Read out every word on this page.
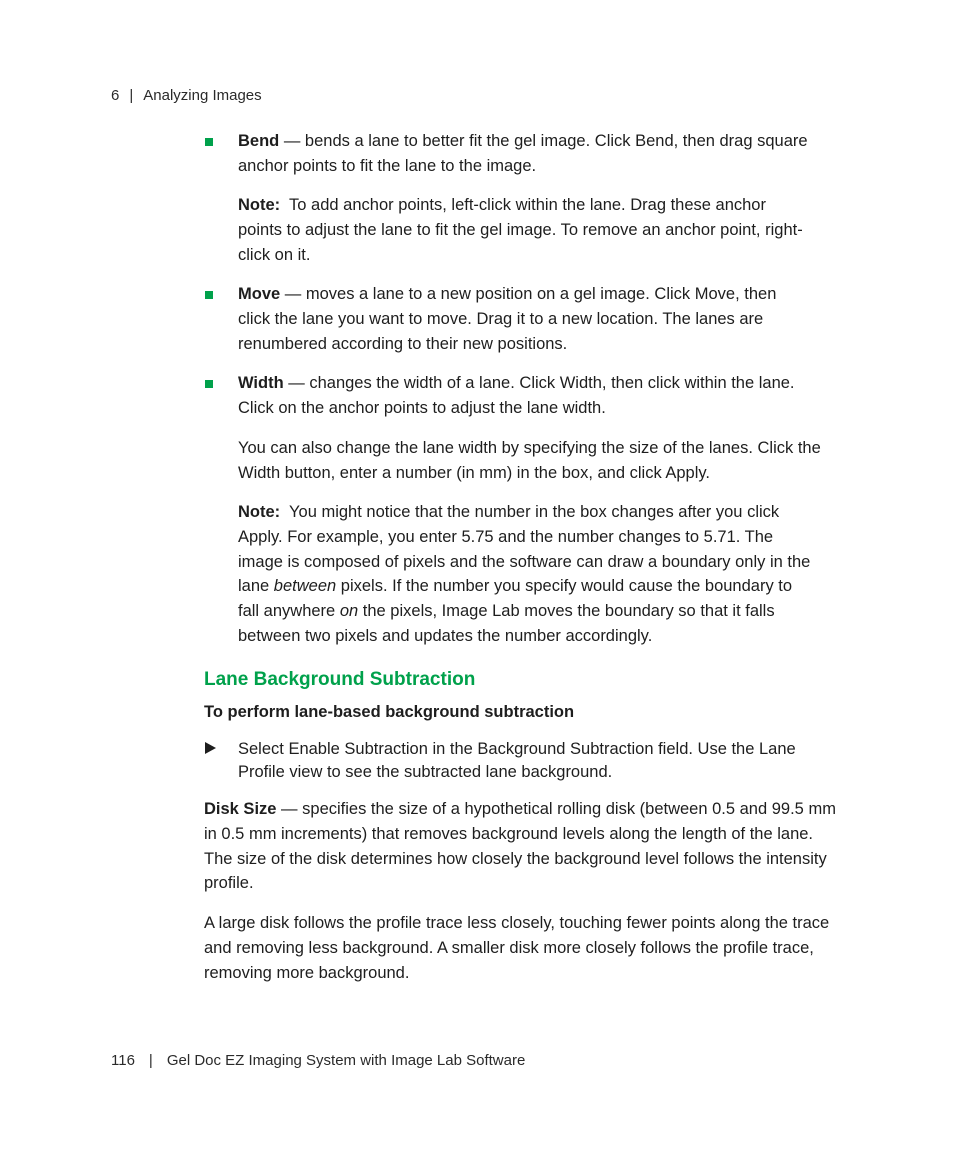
6 | Analyzing Images

Bend — bends a lane to better fit the gel image. Click Bend, then drag square anchor points to fit the lane to the image.

Note: To add anchor points, left-click within the lane. Drag these anchor points to adjust the lane to fit the gel image. To remove an anchor point, right-click on it.

Move — moves a lane to a new position on a gel image. Click Move, then click the lane you want to move. Drag it to a new location. The lanes are renumbered according to their new positions.

Width — changes the width of a lane. Click Width, then click within the lane. Click on the anchor points to adjust the lane width.

You can also change the lane width by specifying the size of the lanes. Click the Width button, enter a number (in mm) in the box, and click Apply.

Note: You might notice that the number in the box changes after you click Apply. For example, you enter 5.75 and the number changes to 5.71. The image is composed of pixels and the software can draw a boundary only in the lane between pixels. If the number you specify would cause the boundary to fall anywhere on the pixels, Image Lab moves the boundary so that it falls between two pixels and updates the number accordingly.

Lane Background Subtraction
To perform lane-based background subtraction

Select Enable Subtraction in the Background Subtraction field. Use the Lane Profile view to see the subtracted lane background.

Disk Size — specifies the size of a hypothetical rolling disk (between 0.5 and 99.5 mm in 0.5 mm increments) that removes background levels along the length of the lane. The size of the disk determines how closely the background level follows the intensity profile.

A large disk follows the profile trace less closely, touching fewer points along the trace and removing less background. A smaller disk more closely follows the profile trace, removing more background.

116 | Gel Doc EZ Imaging System with Image Lab Software
